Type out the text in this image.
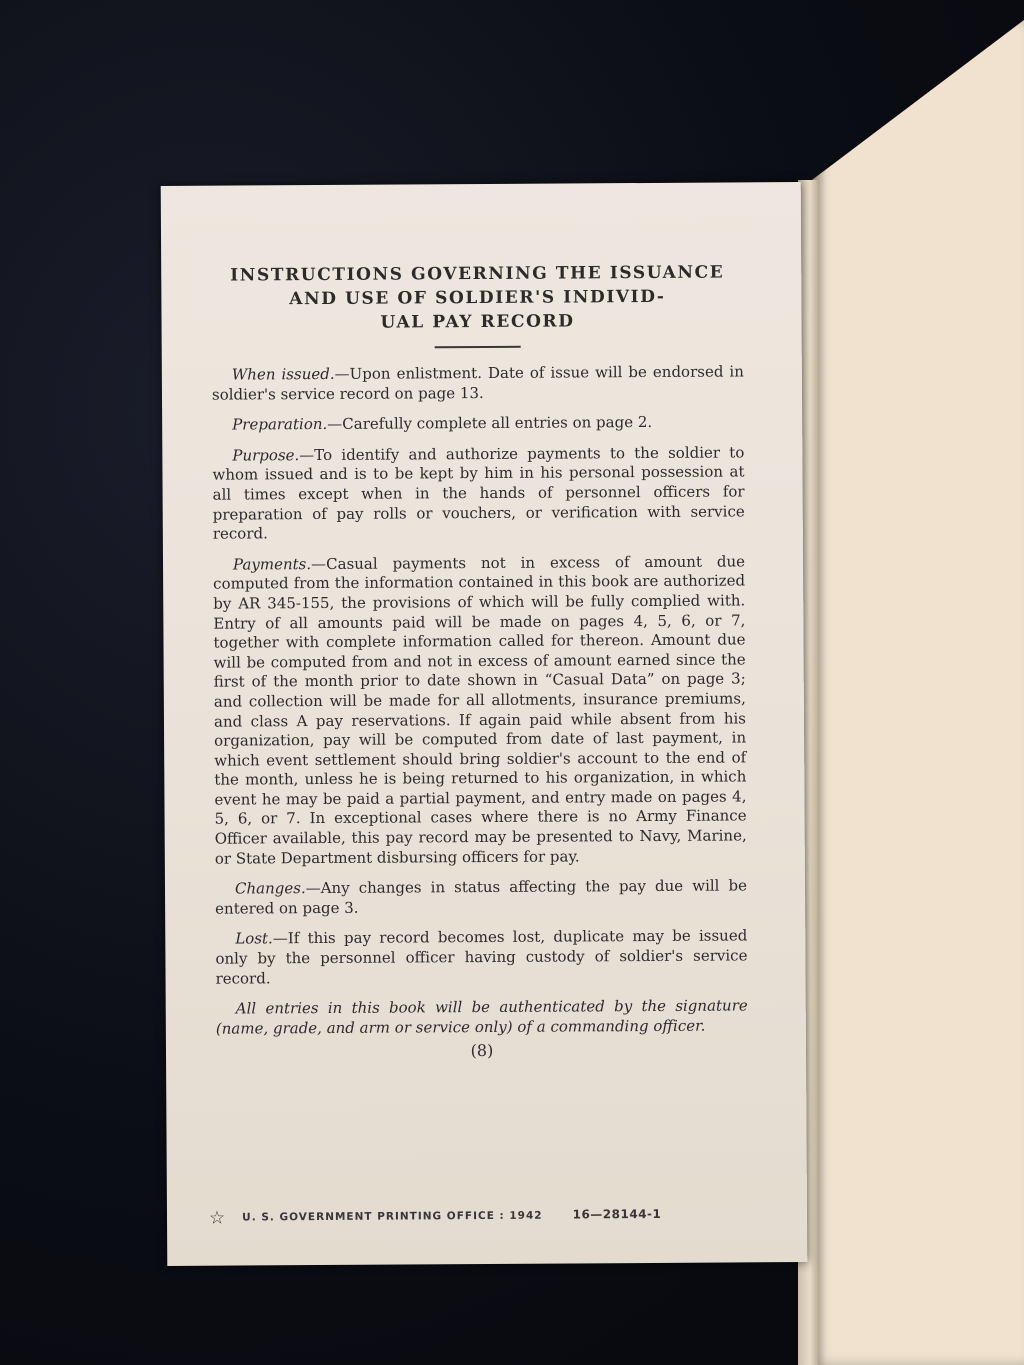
INSTRUCTIONS GOVERNING THE ISSUANCE
AND USE OF SOLDIER'S INDIVID-
UAL PAY RECORD

When issued.—Upon enlistment. Date of issue will be endorsed in soldier's service record on page 13.

Preparation.—Carefully complete all entries on page 2.

Purpose.—To identify and authorize payments to the soldier to whom issued and is to be kept by him in his personal possession at all times except when in the hands of personnel officers for preparation of pay rolls or vouchers, or verification with service record.

Payments.—Casual payments not in excess of amount due computed from the information contained in this book are authorized by AR 345-155, the provisions of which will be fully complied with. Entry of all amounts paid will be made on pages 4, 5, 6, or 7, together with complete information called for thereon. Amount due will be computed from and not in excess of amount earned since the first of the month prior to date shown in “Casual Data” on page 3; and collection will be made for all allotments, insurance premiums, and class A pay reservations. If again paid while absent from his organization, pay will be computed from date of last payment, in which event settlement should bring soldier's account to the end of the month, unless he is being returned to his organization, in which event he may be paid a partial payment, and entry made on pages 4, 5, 6, or 7. In exceptional cases where there is no Army Finance Officer available, this pay record may be presented to Navy, Marine, or State Department disbursing officers for pay.

Changes.—Any changes in status affecting the pay due will be entered on page 3.

Lost.—If this pay record becomes lost, duplicate may be issued only by the personnel officer having custody of soldier's service record.

All entries in this book will be authenticated by the signature (name, grade, and arm or service only) of a commanding officer.

(8)
☆ U. S. GOVERNMENT PRINTING OFFICE : 1942 16—28144-1
